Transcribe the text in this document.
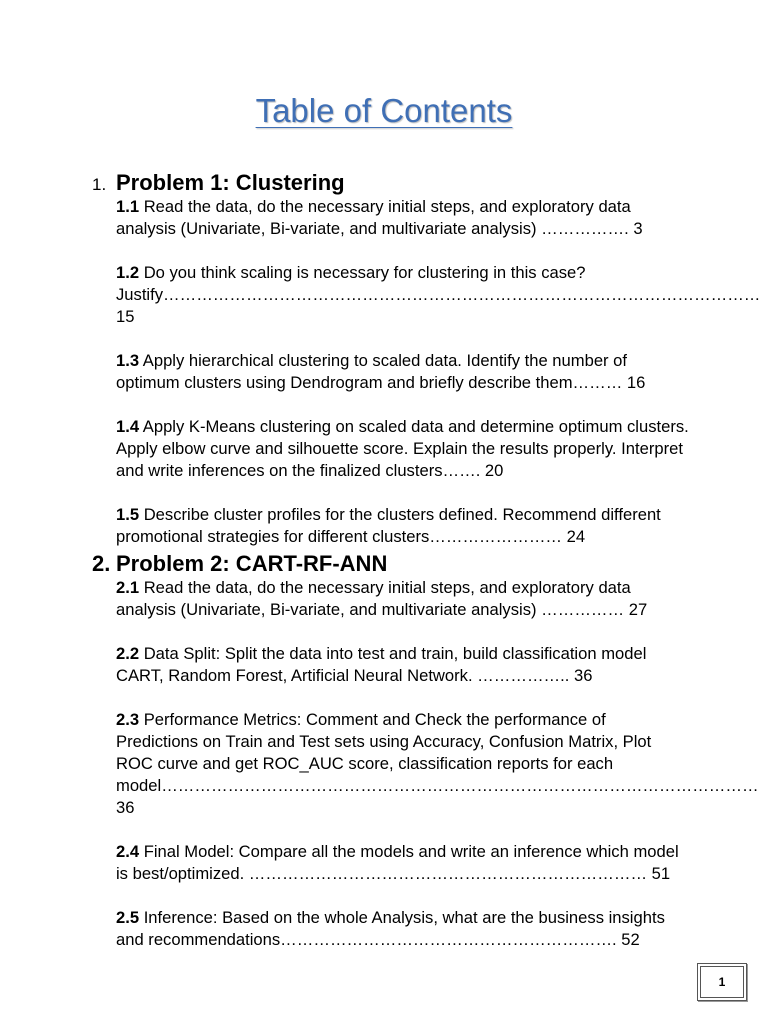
Table of Contents
1. Problem 1: Clustering
1.1 Read the data, do the necessary initial steps, and exploratory data analysis (Univariate, Bi-variate, and multivariate analysis) ……………. 3
1.2 Do you think scaling is necessary for clustering in this case? Justify……………………………………………………………………………………………… 15
1.3 Apply hierarchical clustering to scaled data. Identify the number of optimum clusters using Dendrogram and briefly describe them……… 16
1.4 Apply K-Means clustering on scaled data and determine optimum clusters. Apply elbow curve and silhouette score. Explain the results properly. Interpret and write inferences on the finalized clusters……. 20
1.5 Describe cluster profiles for the clusters defined. Recommend different promotional strategies for different clusters…………………… 24
2. Problem 2: CART-RF-ANN
2.1 Read the data, do the necessary initial steps, and exploratory data analysis (Univariate, Bi-variate, and multivariate analysis) …………… 27
2.2 Data Split: Split the data into test and train, build classification model CART, Random Forest, Artificial Neural Network. …………….. 36
2.3 Performance Metrics: Comment and Check the performance of Predictions on Train and Test sets using Accuracy, Confusion Matrix, Plot ROC curve and get ROC_AUC score, classification reports for each model……………………………………………………………………………………………… 36
2.4 Final Model: Compare all the models and write an inference which model is best/optimized. ……………………………………………………………… 51
2.5 Inference: Based on the whole Analysis, what are the business insights and recommendations……………………………………………………. 52
1
